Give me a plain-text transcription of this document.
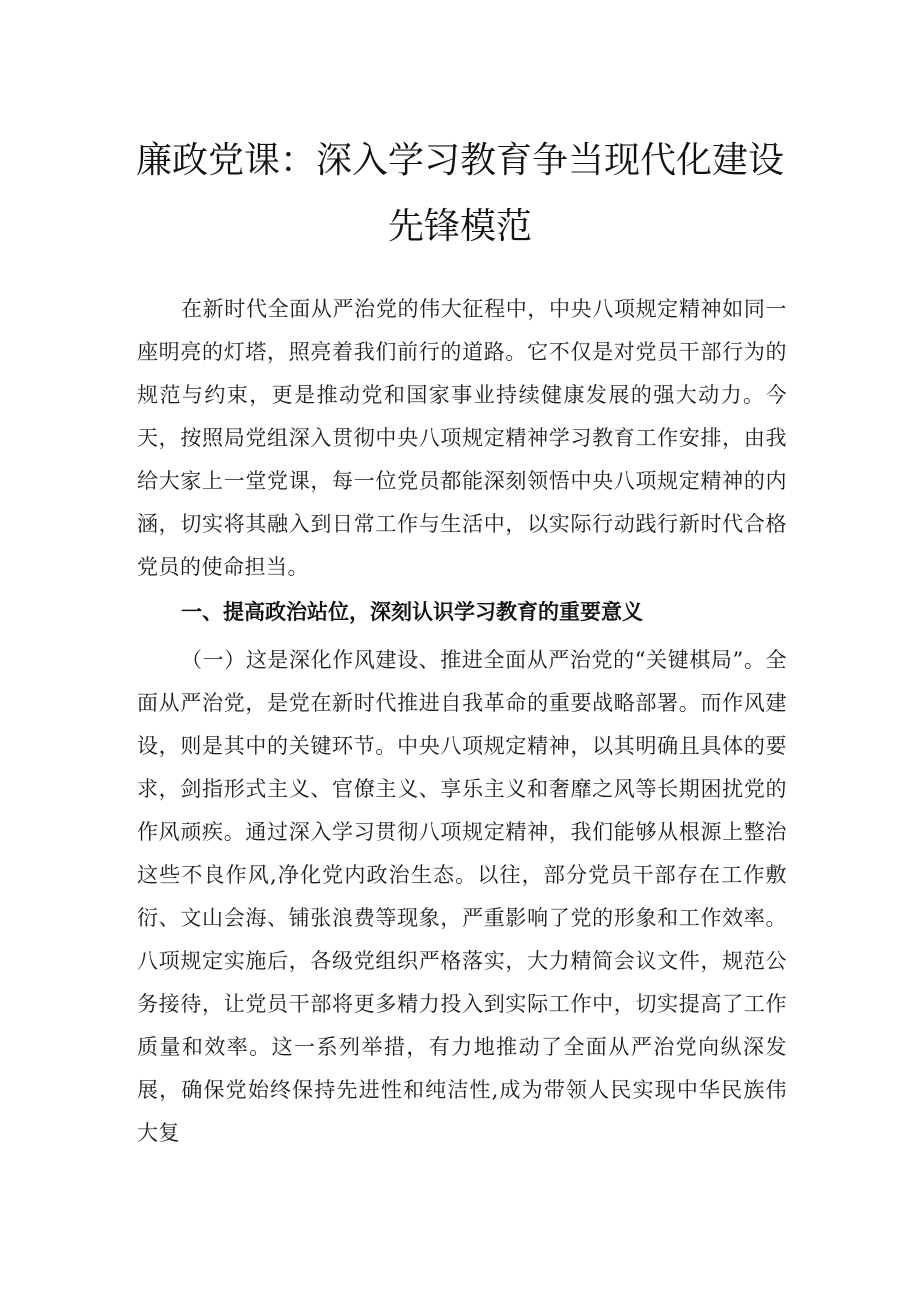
廉政党课：深入学习教育争当现代化建设
先锋模范

在新时代全面从严治党的伟大征程中，中央八项规定精神如同一座明亮的灯塔，照亮着我们前行的道路。它不仅是对党员干部行为的规范与约束，更是推动党和国家事业持续健康发展的强大动力。今天，按照局党组深入贯彻中央八项规定精神学习教育工作安排，由我给大家上一堂党课，每一位党员都能深刻领悟中央八项规定精神的内涵，切实将其融入到日常工作与生活中，以实际行动践行新时代合格党员的使命担当。

一、提高政治站位，深刻认识学习教育的重要意义

（一）这是深化作风建设、推进全面从严治党的“关键棋局”。全面从严治党，是党在新时代推进自我革命的重要战略部署。而作风建设，则是其中的关键环节。中央八项规定精神，以其明确且具体的要求，剑指形式主义、官僚主义、享乐主义和奢靡之风等长期困扰党的作风顽疾。通过深入学习贯彻八项规定精神，我们能够从根源上整治这些不良作风,净化党内政治生态。以往，部分党员干部存在工作敷衍、文山会海、铺张浪费等现象，严重影响了党的形象和工作效率。八项规定实施后，各级党组织严格落实，大力精简会议文件，规范公务接待，让党员干部将更多精力投入到实际工作中，切实提高了工作质量和效率。这一系列举措，有力地推动了全面从严治党向纵深发展，确保党始终保持先进性和纯洁性,成为带领人民实现中华民族伟大复
